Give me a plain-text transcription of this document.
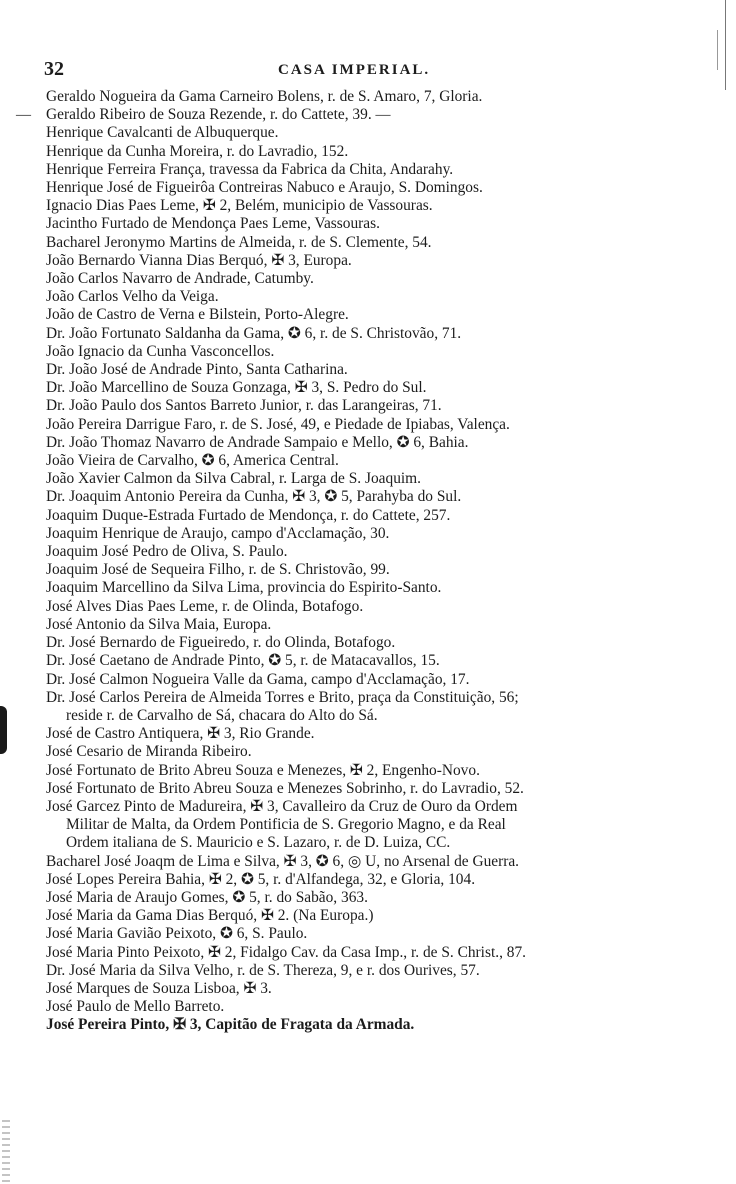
32	CASA IMPERIAL.
Geraldo Nogueira da Gama Carneiro Bolens, r. de S. Amaro, 7, Gloria.
— Geraldo Ribeiro de Souza Rezende, r. do Cattete, 39. —
Henrique Cavalcanti de Albuquerque.
Henrique da Cunha Moreira, r. do Lavradio, 152.
Henrique Ferreira França, travessa da Fabrica da Chita, Andarahy.
Henrique José de Figueirôa Contreiras Nabuco e Araujo, S. Domingos.
Ignacio Dias Paes Leme, ✠ 2, Belém, municipio de Vassouras.
Jacintho Furtado de Mendonça Paes Leme, Vassouras.
Bacharel Jeronymo Martins de Almeida, r. de S. Clemente, 54.
João Bernardo Vianna Dias Berquó, ✠ 3, Europa.
João Carlos Navarro de Andrade, Catumby.
João Carlos Velho da Veiga.
João de Castro de Verna e Bilstein, Porto-Alegre.
Dr. João Fortunato Saldanha da Gama, ✪ 6, r. de S. Christovão, 71.
João Ignacio da Cunha Vasconcellos.
Dr. João José de Andrade Pinto, Santa Catharina.
Dr. João Marcellino de Souza Gonzaga, ✠ 3, S. Pedro do Sul.
Dr. João Paulo dos Santos Barreto Junior, r. das Larangeiras, 71.
João Pereira Darrigue Faro, r. de S. José, 49, e Piedade de Ipiabas, Valença.
Dr. João Thomaz Navarro de Andrade Sampaio e Mello, ✪ 6, Bahia.
João Vieira de Carvalho, ✪ 6, America Central.
João Xavier Calmon da Silva Cabral, r. Larga de S. Joaquim.
Dr. Joaquim Antonio Pereira da Cunha, ✠ 3, ✪ 5, Parahyba do Sul.
Joaquim Duque-Estrada Furtado de Mendonça, r. do Cattete, 257.
Joaquim Henrique de Araujo, campo d'Acclamação, 30.
Joaquim José Pedro de Oliva, S. Paulo.
Joaquim José de Sequeira Filho, r. de S. Christovão, 99.
Joaquim Marcellino da Silva Lima, provincia do Espirito-Santo.
José Alves Dias Paes Leme, r. de Olinda, Botafogo.
José Antonio da Silva Maia, Europa.
Dr. José Bernardo de Figueiredo, r. do Olinda, Botafogo.
Dr. José Caetano de Andrade Pinto, ✪ 5, r. de Matacavallos, 15.
Dr. José Calmon Nogueira Valle da Gama, campo d'Acclamação, 17.
Dr. José Carlos Pereira de Almeida Torres e Brito, praça da Constituição, 56;
reside r. de Carvalho de Sá, chacara do Alto do Sá.
José de Castro Antiquera, ✠ 3, Rio Grande.
José Cesario de Miranda Ribeiro.
José Fortunato de Brito Abreu Souza e Menezes, ✠ 2, Engenho-Novo.
José Fortunato de Brito Abreu Souza e Menezes Sobrinho, r. do Lavradio, 52.
José Garcez Pinto de Madureira, ✠ 3, Cavalleiro da Cruz de Ouro da Ordem
Militar de Malta, da Ordem Pontificia de S. Gregorio Magno, e da Real
Ordem italiana de S. Mauricio e S. Lazaro, r. de D. Luiza, CC.
Bacharel José Joaqm de Lima e Silva, ✠ 3, ✪ 6, ◎ U, no Arsenal de Guerra.
José Lopes Pereira Bahia, ✠ 2, ✪ 5, r. d'Alfandega, 32, e Gloria, 104.
José Maria de Araujo Gomes, ✪ 5, r. do Sabão, 363.
José Maria da Gama Dias Berquó, ✠ 2. (Na Europa.)
José Maria Gavião Peixoto, ✪ 6, S. Paulo.
José Maria Pinto Peixoto, ✠ 2, Fidalgo Cav. da Casa Imp., r. de S. Christ., 87.
Dr. José Maria da Silva Velho, r. de S. Thereza, 9, e r. dos Ourives, 57.
José Marques de Souza Lisboa, ✠ 3.
José Paulo de Mello Barreto.
José Pereira Pinto, ✠ 3, Capitão de Fragata da Armada.
